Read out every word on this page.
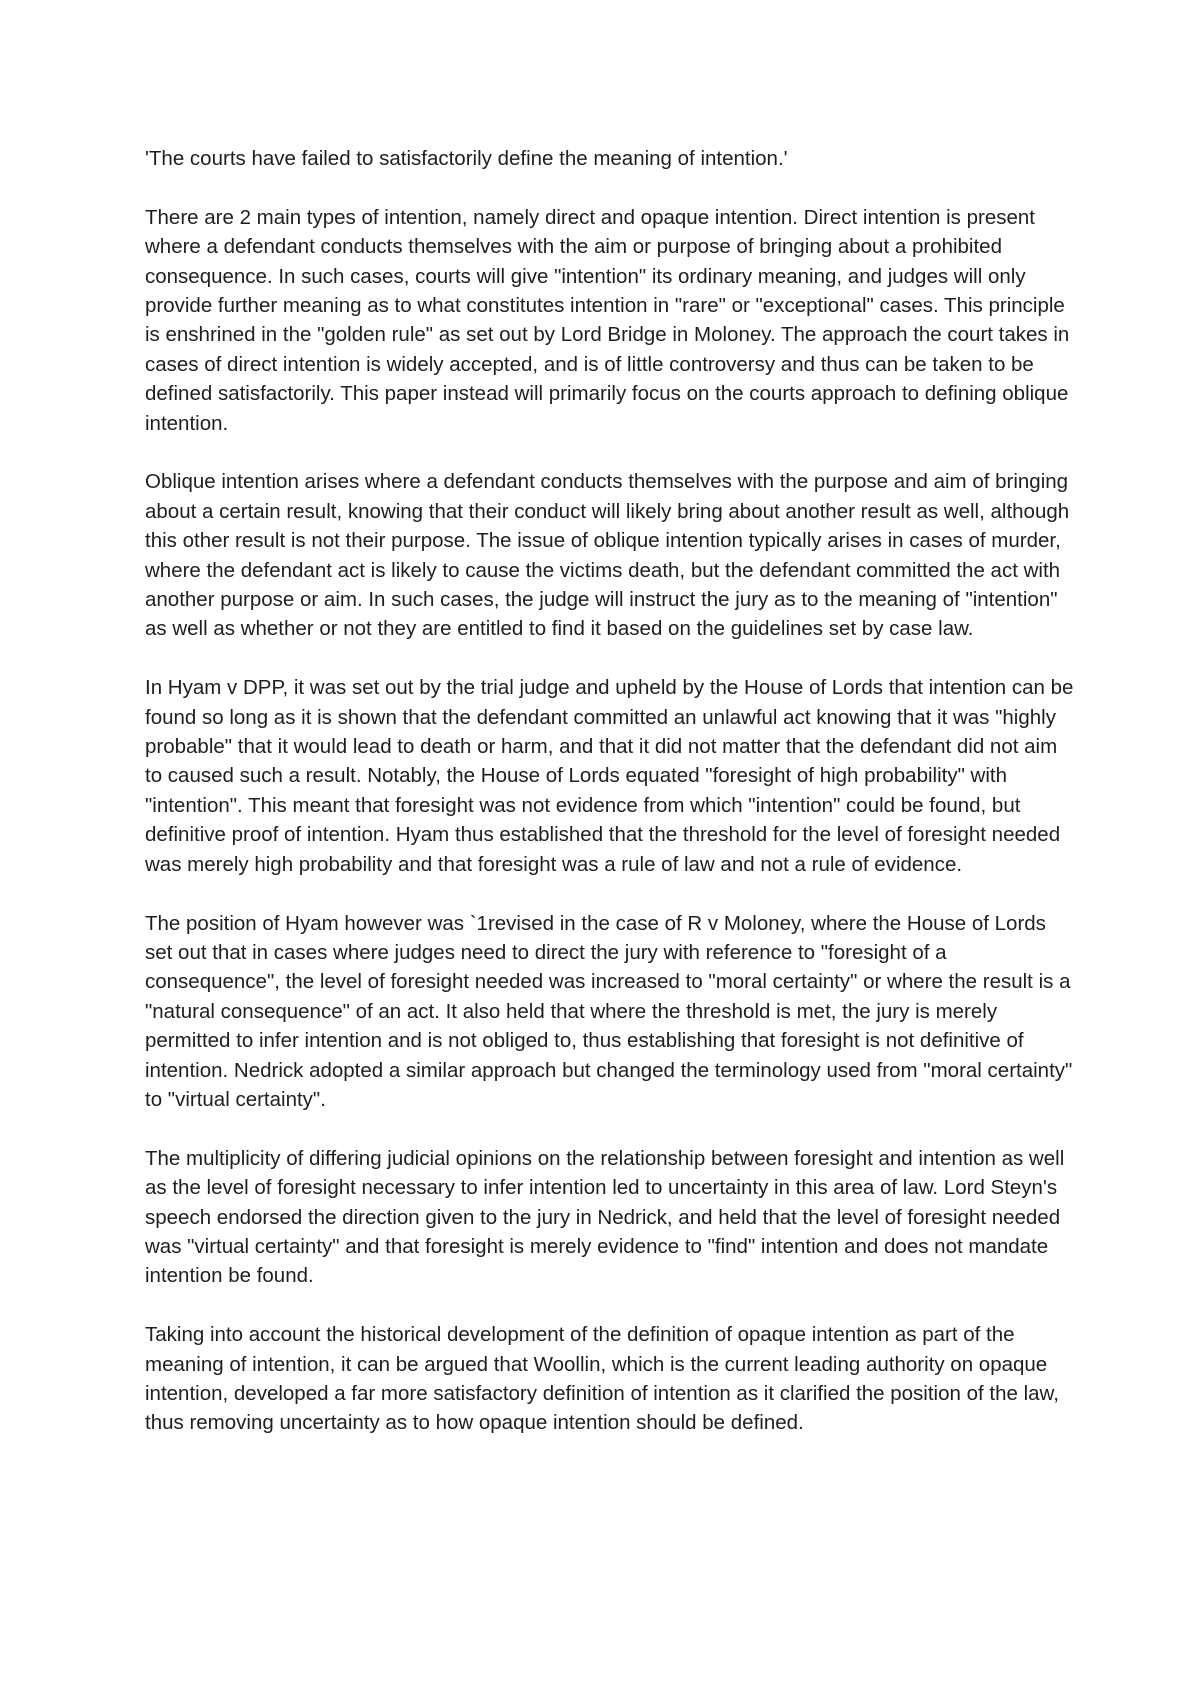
'The courts have failed to satisfactorily define the meaning of intention.'

There are 2 main types of intention, namely direct and opaque intention. Direct intention is present where a defendant conducts themselves with the aim or purpose of bringing about a prohibited consequence. In such cases, courts will give "intention" its ordinary meaning, and judges will only provide further meaning as to what constitutes intention in "rare" or "exceptional" cases. This principle is enshrined in the "golden rule" as set out by Lord Bridge in Moloney. The approach the court takes in cases of direct intention is widely accepted, and is of little controversy and thus can be taken to be defined satisfactorily. This paper instead will primarily focus on the courts approach to defining oblique intention.

Oblique intention arises where a defendant conducts themselves with the purpose and aim of bringing about a certain result, knowing that their conduct will likely bring about another result as well, although this other result is not their purpose. The issue of oblique intention typically arises in cases of murder, where the defendant act is likely to cause the victims death, but the defendant committed the act with another purpose or aim. In such cases, the judge will instruct the jury as to the meaning of "intention" as well as whether or not they are entitled to find it based on the guidelines set by case law.

In Hyam v DPP, it was set out by the trial judge and upheld by the House of Lords that intention can be found so long as it is shown that the defendant committed an unlawful act knowing that it was "highly probable" that it would lead to death or harm, and that it did not matter that the defendant did not aim to caused such a result. Notably, the House of Lords equated "foresight of high probability" with "intention". This meant that foresight was not evidence from which "intention" could be found, but definitive proof of intention. Hyam thus established that the threshold for the level of foresight needed was merely high probability and that foresight was a rule of law and not a rule of evidence.

The position of Hyam however was `1revised in the case of R v Moloney, where the House of Lords set out that in cases where judges need to direct the jury with reference to "foresight of a consequence", the level of foresight needed was increased to "moral certainty" or where the result is a "natural consequence" of an act. It also held that where the threshold is met, the jury is merely permitted to infer intention and is not obliged to, thus establishing that foresight is not definitive of intention. Nedrick adopted a similar approach but changed the terminology used from "moral certainty" to "virtual certainty".

The multiplicity of differing judicial opinions on the relationship between foresight and intention as well as the level of foresight necessary to infer intention led to uncertainty in this area of law. Lord Steyn's speech endorsed the direction given to the jury in Nedrick, and held that the level of foresight needed was "virtual certainty" and that foresight is merely evidence to "find" intention and does not mandate intention be found.

Taking into account the historical development of the definition of opaque intention as part of the meaning of intention, it can be argued that Woollin, which is the current leading authority on opaque intention, developed a far more satisfactory definition of intention as it clarified the position of the law, thus removing uncertainty as to how opaque intention should be defined.
